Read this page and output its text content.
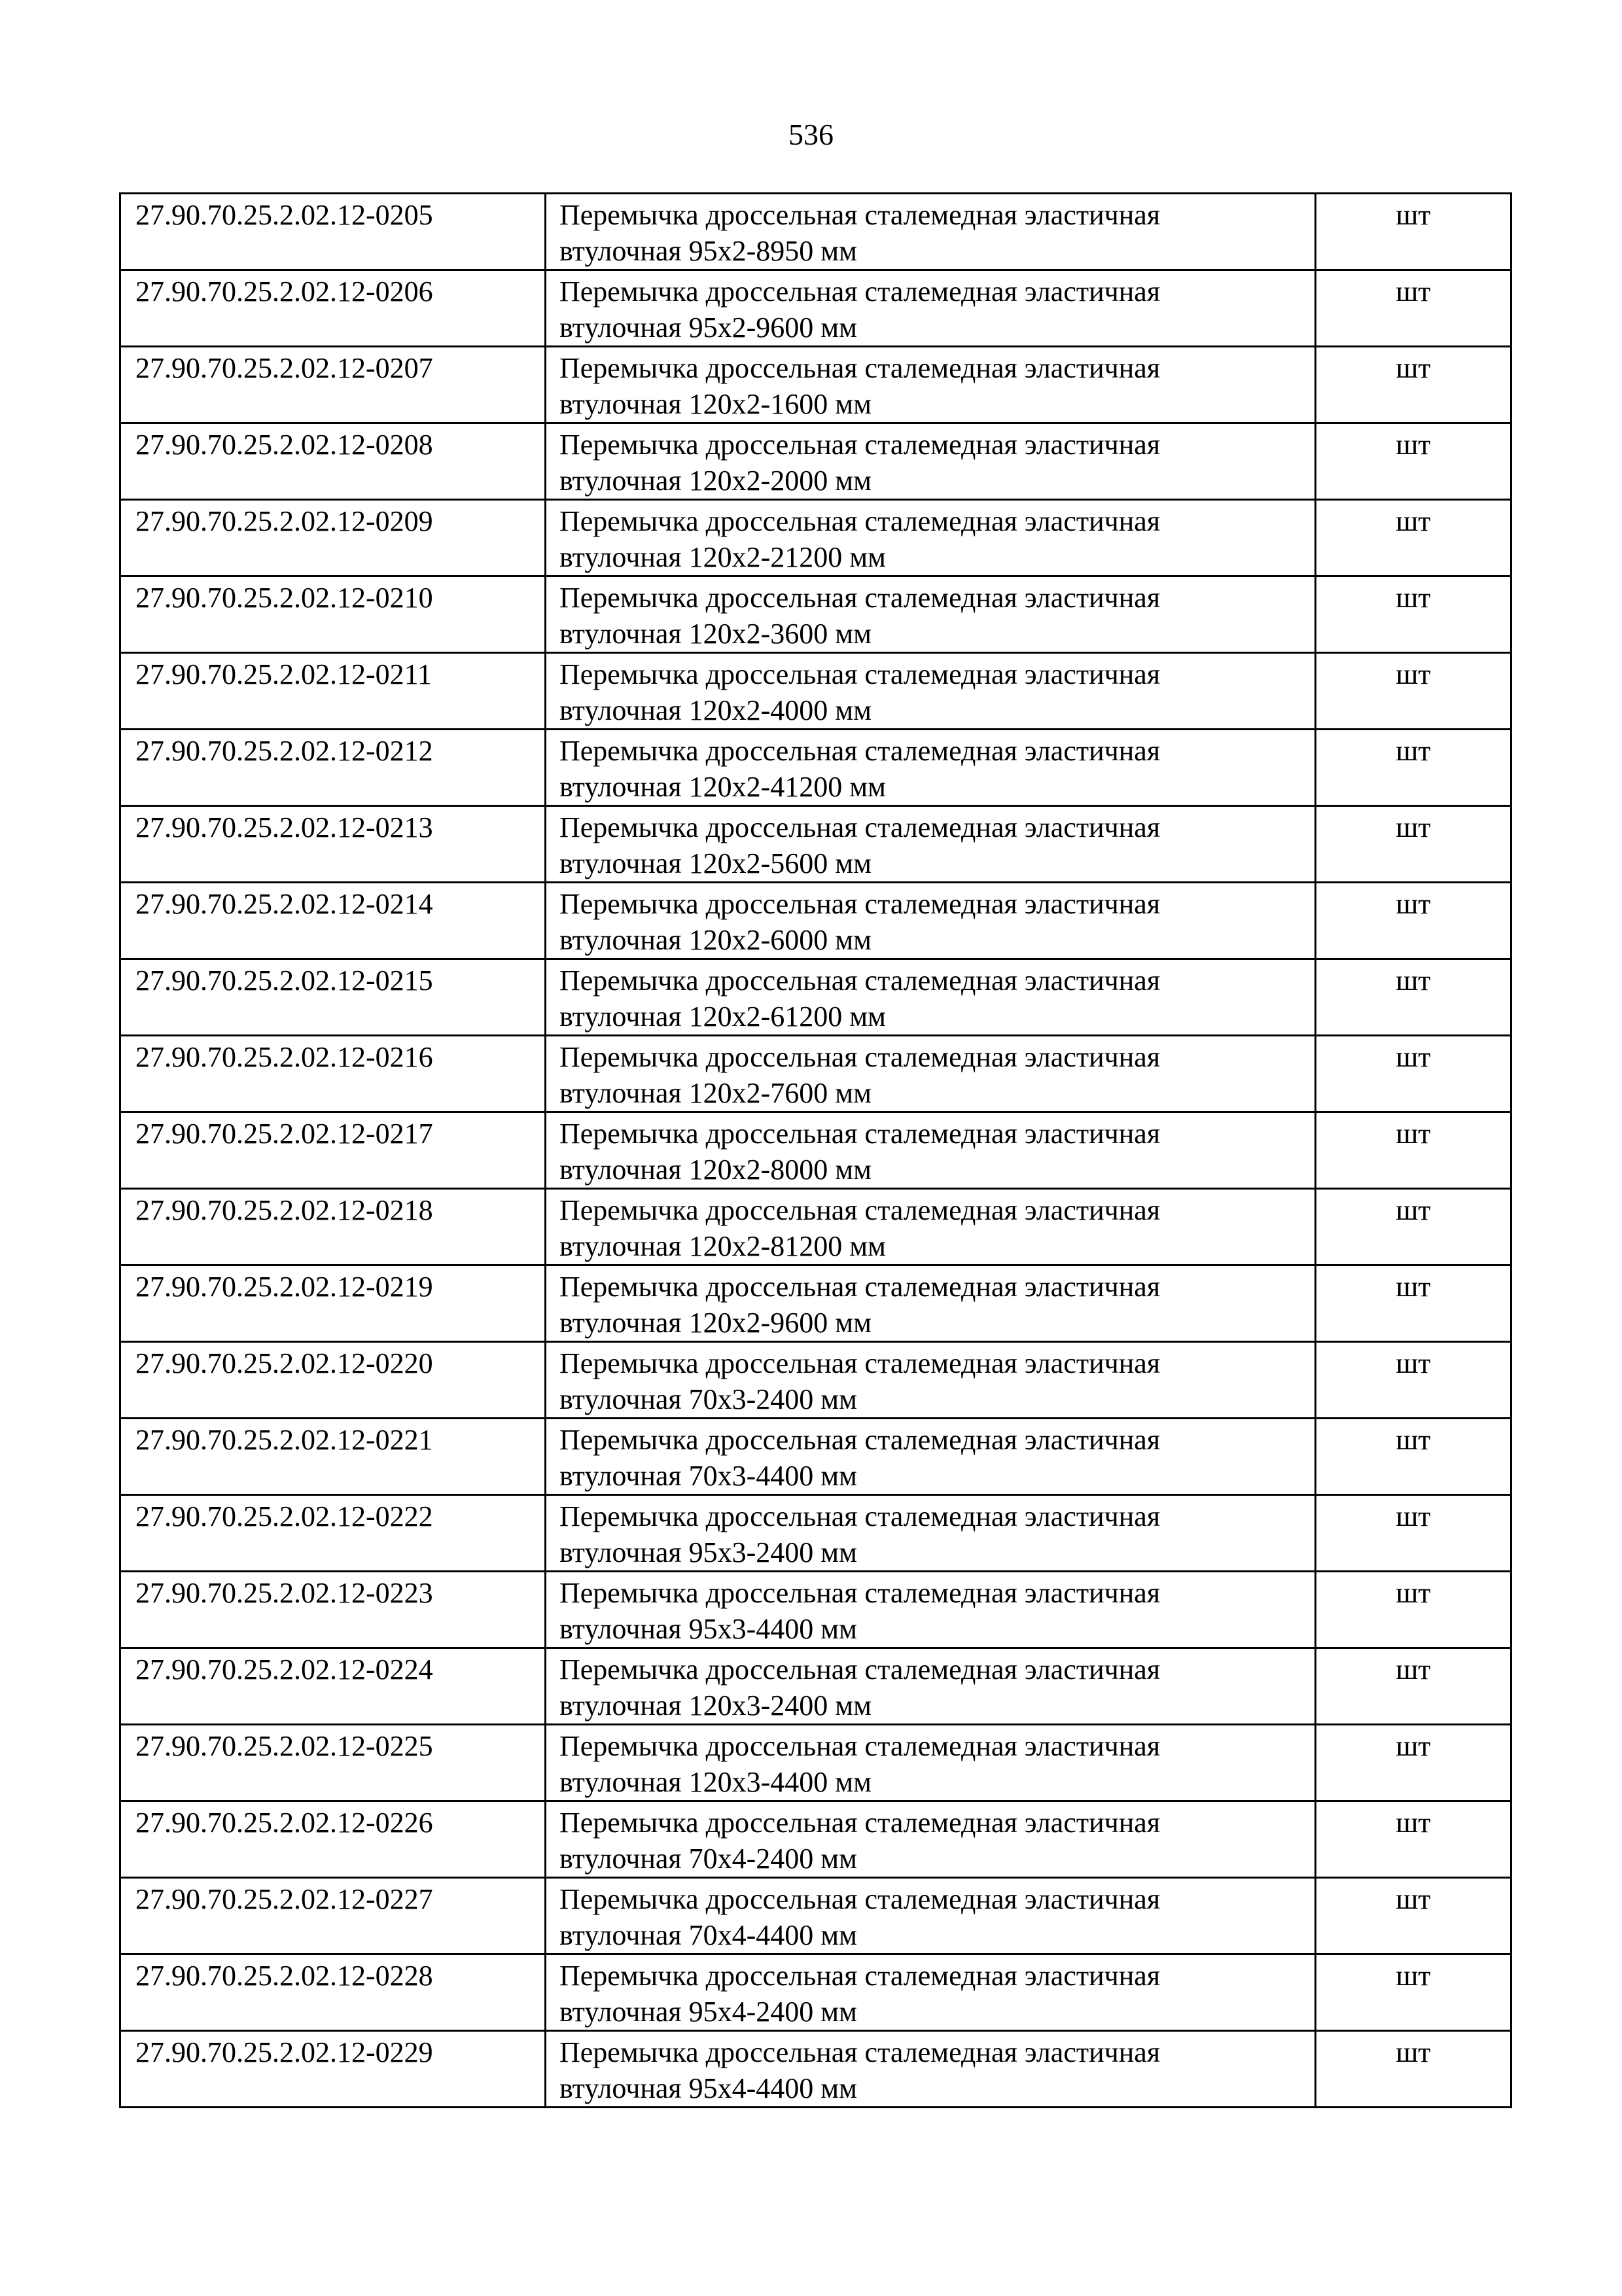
536
27.90.70.25.2.02.12-0205	Перемычка дроссельная сталемедная эластичная
втулочная 95х2-8950 мм	шт
27.90.70.25.2.02.12-0206	Перемычка дроссельная сталемедная эластичная
втулочная 95х2-9600 мм	шт
27.90.70.25.2.02.12-0207	Перемычка дроссельная сталемедная эластичная
втулочная 120х2-1600 мм	шт
27.90.70.25.2.02.12-0208	Перемычка дроссельная сталемедная эластичная
втулочная 120х2-2000 мм	шт
27.90.70.25.2.02.12-0209	Перемычка дроссельная сталемедная эластичная
втулочная 120х2-21200 мм	шт
27.90.70.25.2.02.12-0210	Перемычка дроссельная сталемедная эластичная
втулочная 120х2-3600 мм	шт
27.90.70.25.2.02.12-0211	Перемычка дроссельная сталемедная эластичная
втулочная 120х2-4000 мм	шт
27.90.70.25.2.02.12-0212	Перемычка дроссельная сталемедная эластичная
втулочная 120х2-41200 мм	шт
27.90.70.25.2.02.12-0213	Перемычка дроссельная сталемедная эластичная
втулочная 120х2-5600 мм	шт
27.90.70.25.2.02.12-0214	Перемычка дроссельная сталемедная эластичная
втулочная 120х2-6000 мм	шт
27.90.70.25.2.02.12-0215	Перемычка дроссельная сталемедная эластичная
втулочная 120х2-61200 мм	шт
27.90.70.25.2.02.12-0216	Перемычка дроссельная сталемедная эластичная
втулочная 120х2-7600 мм	шт
27.90.70.25.2.02.12-0217	Перемычка дроссельная сталемедная эластичная
втулочная 120х2-8000 мм	шт
27.90.70.25.2.02.12-0218	Перемычка дроссельная сталемедная эластичная
втулочная 120х2-81200 мм	шт
27.90.70.25.2.02.12-0219	Перемычка дроссельная сталемедная эластичная
втулочная 120х2-9600 мм	шт
27.90.70.25.2.02.12-0220	Перемычка дроссельная сталемедная эластичная
втулочная 70х3-2400 мм	шт
27.90.70.25.2.02.12-0221	Перемычка дроссельная сталемедная эластичная
втулочная 70х3-4400 мм	шт
27.90.70.25.2.02.12-0222	Перемычка дроссельная сталемедная эластичная
втулочная 95х3-2400 мм	шт
27.90.70.25.2.02.12-0223	Перемычка дроссельная сталемедная эластичная
втулочная 95х3-4400 мм	шт
27.90.70.25.2.02.12-0224	Перемычка дроссельная сталемедная эластичная
втулочная 120х3-2400 мм	шт
27.90.70.25.2.02.12-0225	Перемычка дроссельная сталемедная эластичная
втулочная 120х3-4400 мм	шт
27.90.70.25.2.02.12-0226	Перемычка дроссельная сталемедная эластичная
втулочная 70х4-2400 мм	шт
27.90.70.25.2.02.12-0227	Перемычка дроссельная сталемедная эластичная
втулочная 70х4-4400 мм	шт
27.90.70.25.2.02.12-0228	Перемычка дроссельная сталемедная эластичная
втулочная 95х4-2400 мм	шт
27.90.70.25.2.02.12-0229	Перемычка дроссельная сталемедная эластичная
втулочная 95х4-4400 мм	шт
